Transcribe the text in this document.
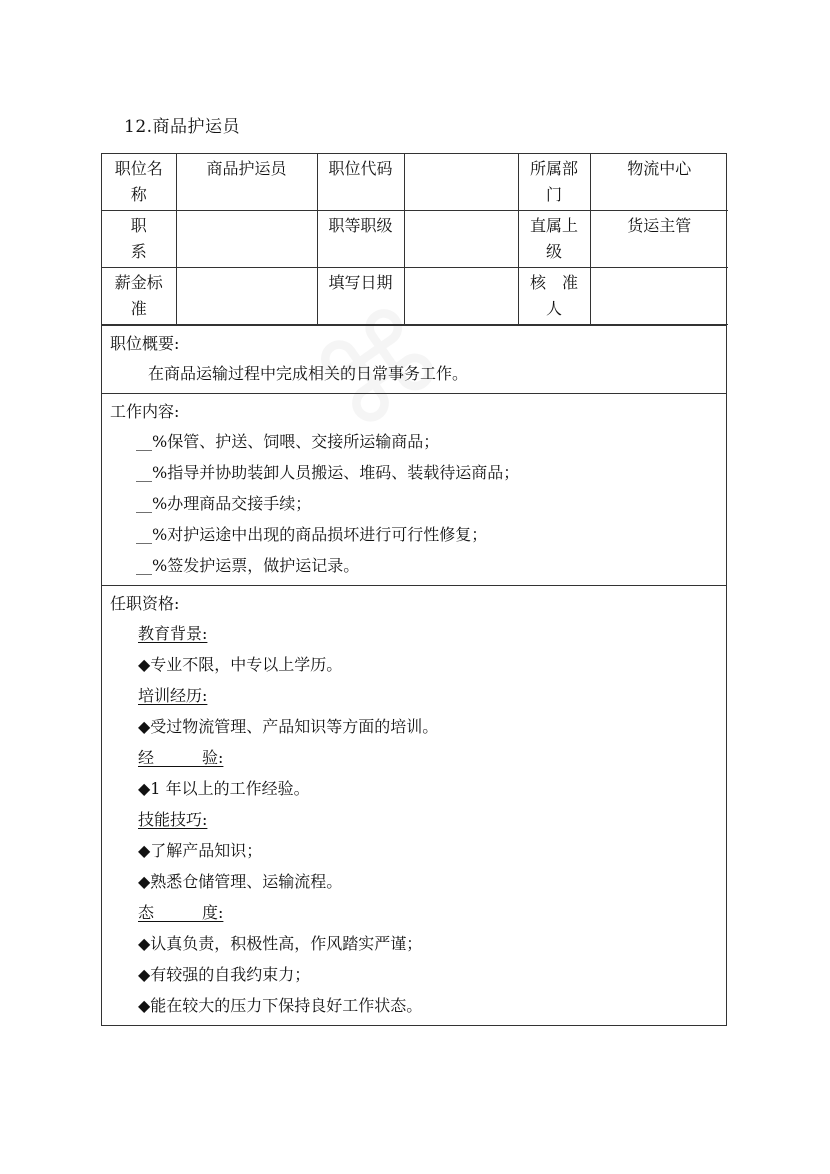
12.商品护运员
职位名称	商品护运员	职位代码		所属部门	物流中心
职　　系		职等职级		直属上级	货运主管
薪金标准		填写日期		核　准　人	
职位概要:
在商品运输过程中完成相关的日常事务工作。
工作内容:
__%保管、护送、饲喂、交接所运输商品；
__%指导并协助装卸人员搬运、堆码、装载待运商品；
__%办理商品交接手续；
__%对护运途中出现的商品损坏进行可行性修复；
__%签发护运票，做护运记录。
任职资格:
教育背景:
◆专业不限，中专以上学历。
培训经历:
◆受过物流管理、产品知识等方面的培训。
经　　　验:
◆1 年以上的工作经验。
技能技巧:
◆了解产品知识；
◆熟悉仓储管理、运输流程。
态　　　度:
◆认真负责，积极性高，作风踏实严谨；
◆有较强的自我约束力；
◆能在较大的压力下保持良好工作状态。
